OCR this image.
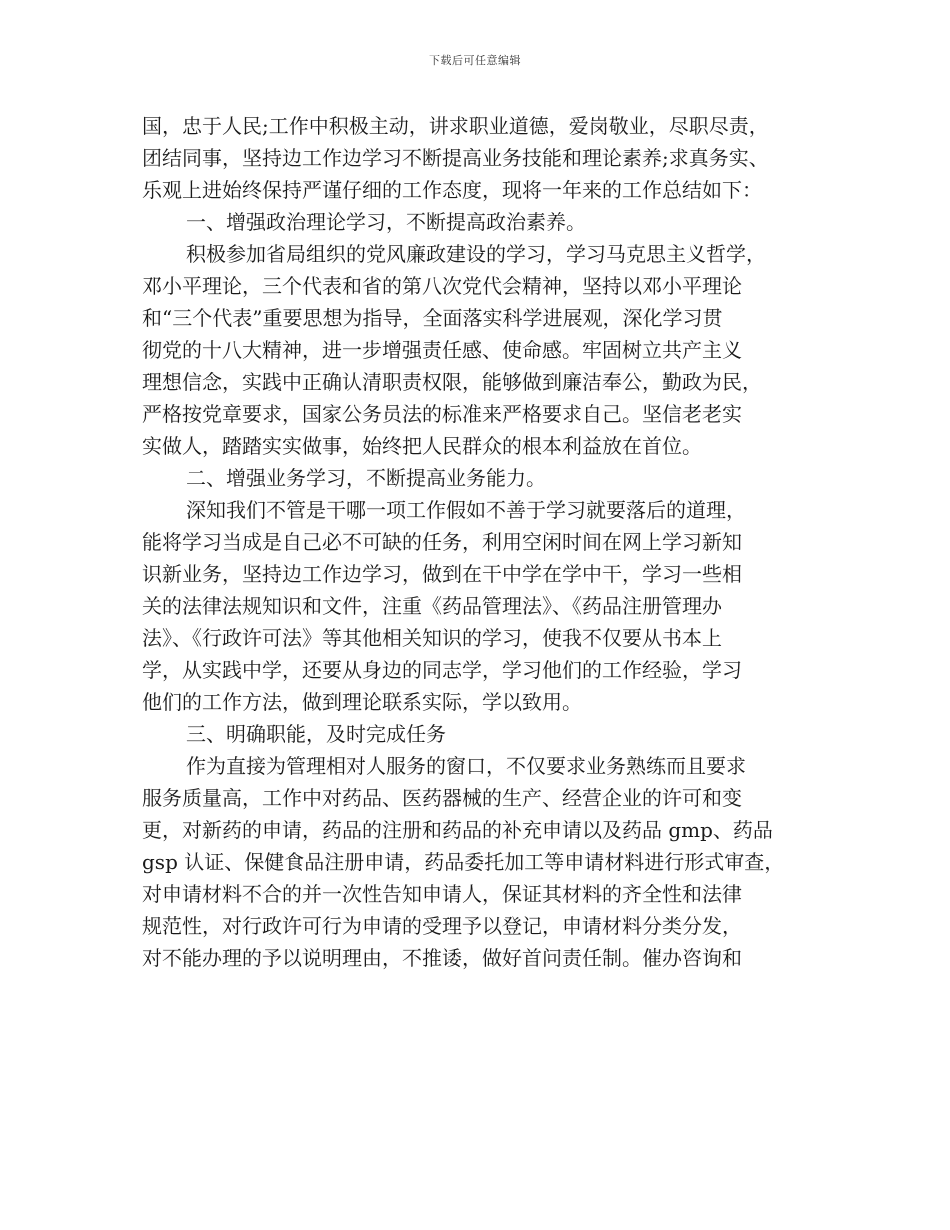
下载后可任意编辑
国，忠于人民;工作中积极主动，讲求职业道德，爱岗敬业，尽职尽责，
团结同事，坚持边工作边学习不断提高业务技能和理论素养;求真务实、
乐观上进始终保持严谨仔细的工作态度，现将一年来的工作总结如下：
一、增强政治理论学习，不断提高政治素养。
积极参加省局组织的党风廉政建设的学习，学习马克思主义哲学，
邓小平理论，三个代表和省的第八次党代会精神，坚持以邓小平理论
和“三个代表”重要思想为指导，全面落实科学进展观，深化学习贯
彻党的十八大精神，进一步增强责任感、使命感。牢固树立共产主义
理想信念，实践中正确认清职责权限，能够做到廉洁奉公，勤政为民，
严格按党章要求，国家公务员法的标准来严格要求自己。坚信老老实
实做人，踏踏实实做事，始终把人民群众的根本利益放在首位。
二、增强业务学习，不断提高业务能力。
深知我们不管是干哪一项工作假如不善于学习就要落后的道理，
能将学习当成是自己必不可缺的任务，利用空闲时间在网上学习新知
识新业务，坚持边工作边学习，做到在干中学在学中干，学习一些相
关的法律法规知识和文件，注重《药品管理法》、《药品注册管理办
法》、《行政许可法》等其他相关知识的学习，使我不仅要从书本上
学，从实践中学，还要从身边的同志学，学习他们的工作经验，学习
他们的工作方法，做到理论联系实际，学以致用。
三、明确职能，及时完成任务
作为直接为管理相对人服务的窗口，不仅要求业务熟练而且要求
服务质量高，工作中对药品、医药器械的生产、经营企业的许可和变
更，对新药的申请，药品的注册和药品的补充申请以及药品 gmp、药品
gsp 认证、保健食品注册申请，药品委托加工等申请材料进行形式审查，
对申请材料不合的并一次性告知申请人，保证其材料的齐全性和法律
规范性，对行政许可行为申请的受理予以登记，申请材料分类分发，
对不能办理的予以说明理由，不推诿，做好首问责任制。催办咨询和
